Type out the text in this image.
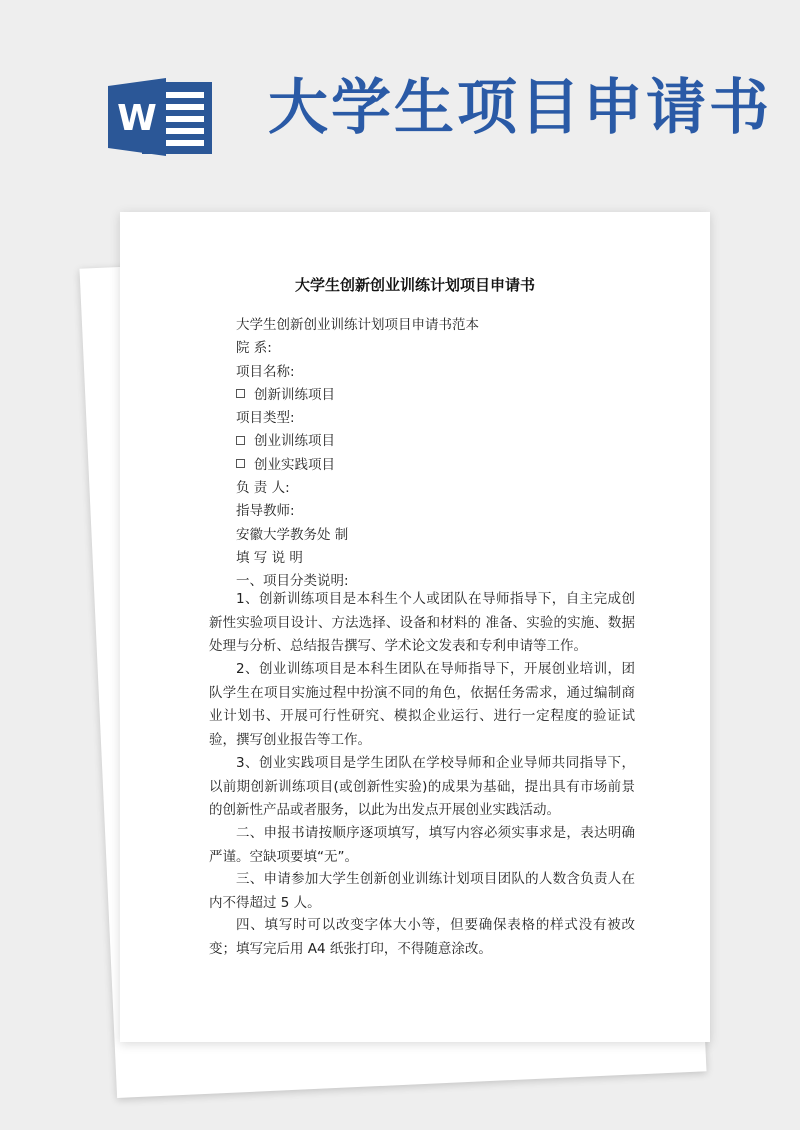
W 大学生项目申请书
大学生创新创业训练计划项目申请书
大学生创新创业训练计划项目申请书范本
院 系:
项目名称:
创新训练项目
项目类型:
创业训练项目
创业实践项目
负 责 人:
指导教师:
安徽大学教务处 制
填 写 说 明
一、项目分类说明:

1、创新训练项目是本科生个人或团队在导师指导下，自主完成创新性实验项目设计、方法选择、设备和材料的 准备、实验的实施、数据处理与分析、总结报告撰写、学术论文发表和专利申请等工作。

2、创业训练项目是本科生团队在导师指导下，开展创业培训，团队学生在项目实施过程中扮演不同的角色，依据任务需求，通过编制商业计划书、开展可行性研究、模拟企业运行、进行一定程度的验证试验，撰写创业报告等工作。

3、创业实践项目是学生团队在学校导师和企业导师共同指导下，以前期创新训练项目(或创新性实验)的成果为基础，提出具有市场前景的创新性产品或者服务，以此为出发点开展创业实践活动。

二、申报书请按顺序逐项填写，填写内容必须实事求是，表达明确严谨。空缺项要填“无”。

三、申请参加大学生创新创业训练计划项目团队的人数含负责人在内不得超过 5 人。

四、填写时可以改变字体大小等，但要确保表格的样式没有被改变；填写完后用 A4 纸张打印，不得随意涂改。
